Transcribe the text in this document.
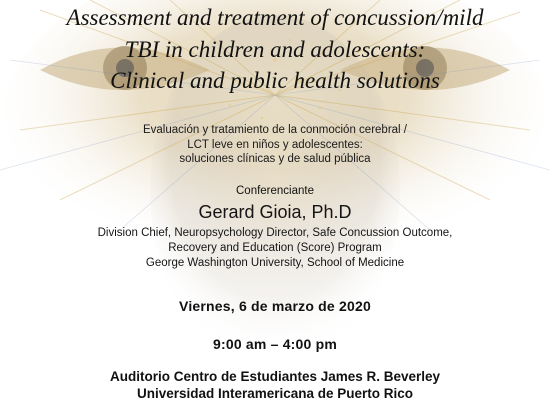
Assessment and treatment of concussion/mild
TBI in children and adolescents:
Clinical and public health solutions
Evaluación y tratamiento de la conmoción cerebral /
LCT leve en niños y adolescentes:
soluciones clínicas y de salud pública
Conferenciante
Gerard Gioia, Ph.D
Division Chief, Neuropsychology Director, Safe Concussion Outcome,
Recovery and Education (Score) Program
George Washington University, School of Medicine
Viernes, 6 de marzo de 2020
9:00 am – 4:00 pm
Auditorio Centro de Estudiantes James R. Beverley
Universidad Interamericana de Puerto Rico
